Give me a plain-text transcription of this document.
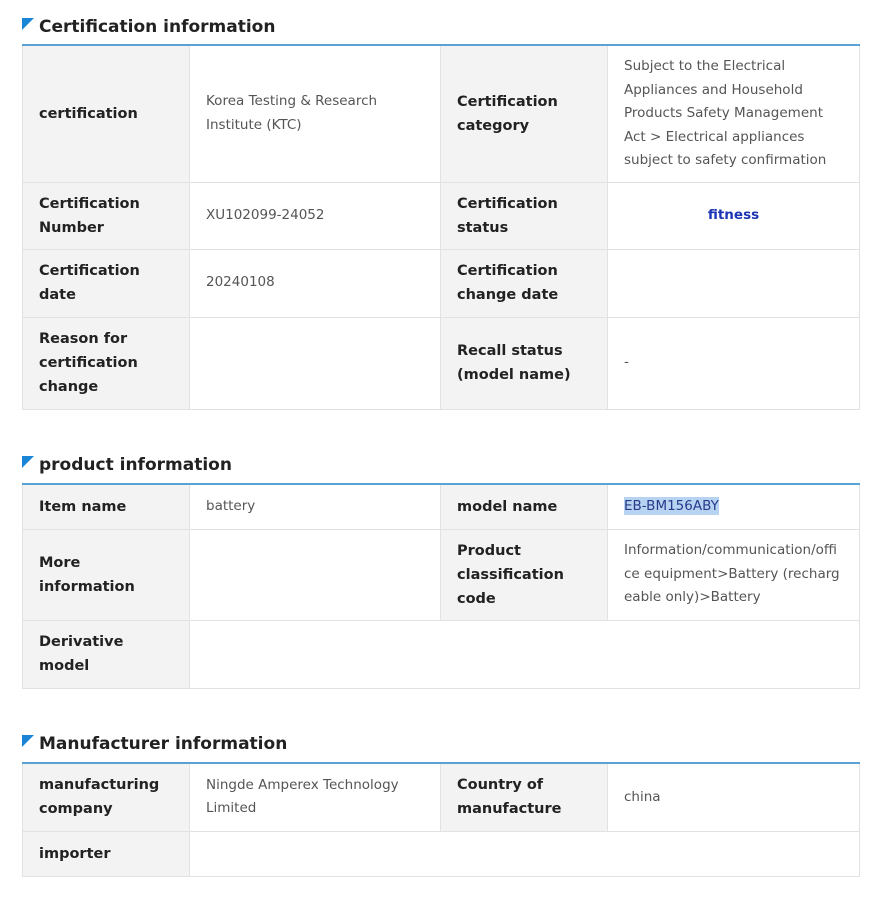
Certification information
certification	Korea Testing & Research Institute (KTC)	Certification category	Subject to the Electrical Appliances and Household Products Safety Management Act > Electrical appliances subject to safety confirmation
Certification Number	XU102099-24052	Certification status	fitness
Certification date	20240108	Certification change date	
Reason for certification change		Recall status (model name)	-
product information
Item name	battery	model name	EB-BM156ABY
More information		Product classification code	Information/communication/office equipment>Battery (rechargeable only)>Battery
Derivative model			
Manufacturer information
manufacturing company	Ningde Amperex Technology Limited	Country of manufacture	china
importer			
